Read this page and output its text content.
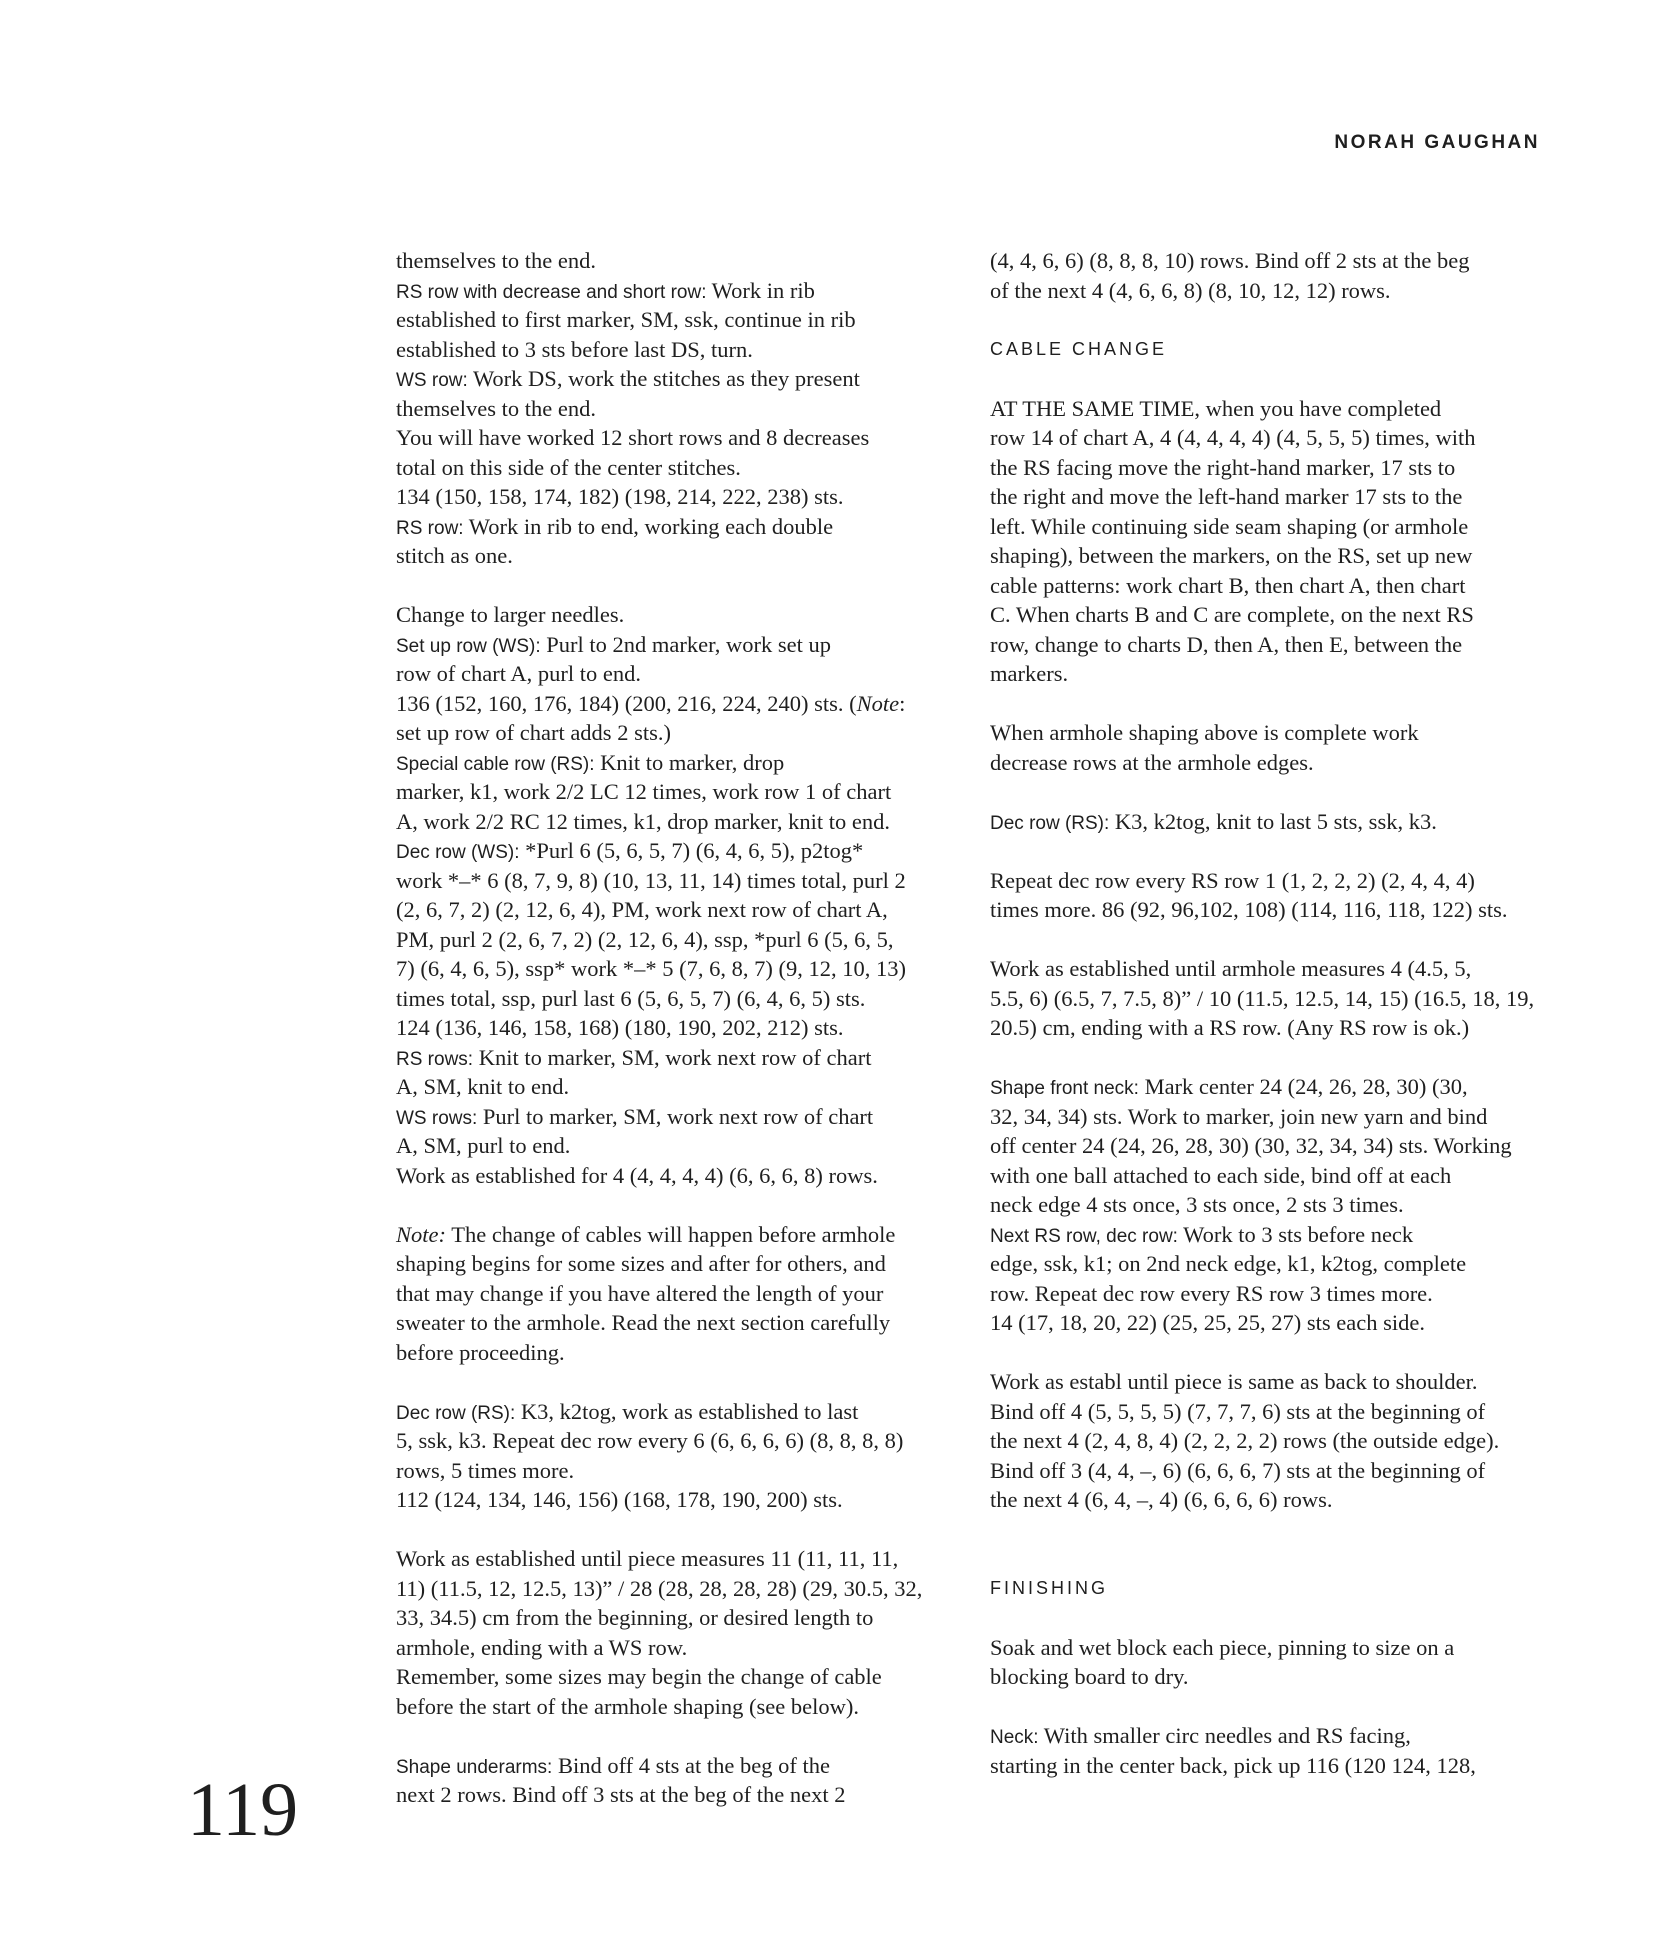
NORAH GAUGHAN
themselves to the end.
RS row with decrease and short row: Work in rib
established to first marker, SM, ssk, continue in rib
established to 3 sts before last DS, turn.
WS row: Work DS, work the stitches as they present
themselves to the end.
You will have worked 12 short rows and 8 decreases
total on this side of the center stitches.
134 (150, 158, 174, 182) (198, 214, 222, 238) sts.
RS row: Work in rib to end, working each double
stitch as one.
Change to larger needles.
Set up row (WS): Purl to 2nd marker, work set up
row of chart A, purl to end.
136 (152, 160, 176, 184) (200, 216, 224, 240) sts. (Note:
set up row of chart adds 2 sts.)
Special cable row (RS): Knit to marker, drop
marker, k1, work 2/2 LC 12 times, work row 1 of chart
A, work 2/2 RC 12 times, k1, drop marker, knit to end.
Dec row (WS): *Purl 6 (5, 6, 5, 7) (6, 4, 6, 5), p2tog*
work *–* 6 (8, 7, 9, 8) (10, 13, 11, 14) times total, purl 2
(2, 6, 7, 2) (2, 12, 6, 4), PM, work next row of chart A,
PM, purl 2 (2, 6, 7, 2) (2, 12, 6, 4), ssp, *purl 6 (5, 6, 5,
7) (6, 4, 6, 5), ssp* work *–* 5 (7, 6, 8, 7) (9, 12, 10, 13)
times total, ssp, purl last 6 (5, 6, 5, 7) (6, 4, 6, 5) sts.
124 (136, 146, 158, 168) (180, 190, 202, 212) sts.
RS rows: Knit to marker, SM, work next row of chart
A, SM, knit to end.
WS rows: Purl to marker, SM, work next row of chart
A, SM, purl to end.
Work as established for 4 (4, 4, 4, 4) (6, 6, 6, 8) rows.
Note: The change of cables will happen before armhole
shaping begins for some sizes and after for others, and
that may change if you have altered the length of your
sweater to the armhole. Read the next section carefully
before proceeding.
Dec row (RS): K3, k2tog, work as established to last
5, ssk, k3. Repeat dec row every 6 (6, 6, 6, 6) (8, 8, 8, 8)
rows, 5 times more.
112 (124, 134, 146, 156) (168, 178, 190, 200) sts.
Work as established until piece measures 11 (11, 11, 11,
11) (11.5, 12, 12.5, 13)” / 28 (28, 28, 28, 28) (29, 30.5, 32,
33, 34.5) cm from the beginning, or desired length to
armhole, ending with a WS row.
Remember, some sizes may begin the change of cable
before the start of the armhole shaping (see below).
Shape underarms: Bind off 4 sts at the beg of the
next 2 rows. Bind off 3 sts at the beg of the next 2
(4, 4, 6, 6) (8, 8, 8, 10) rows. Bind off 2 sts at the beg
of the next 4 (4, 6, 6, 8) (8, 10, 12, 12) rows.
CABLE CHANGE
AT THE SAME TIME, when you have completed
row 14 of chart A, 4 (4, 4, 4, 4) (4, 5, 5, 5) times, with
the RS facing move the right-hand marker, 17 sts to
the right and move the left-hand marker 17 sts to the
left. While continuing side seam shaping (or armhole
shaping), between the markers, on the RS, set up new
cable patterns: work chart B, then chart A, then chart
C. When charts B and C are complete, on the next RS
row, change to charts D, then A, then E, between the
markers.
When armhole shaping above is complete work
decrease rows at the armhole edges.
Dec row (RS): K3, k2tog, knit to last 5 sts, ssk, k3.
Repeat dec row every RS row 1 (1, 2, 2, 2) (2, 4, 4, 4)
times more. 86 (92, 96,102, 108) (114, 116, 118, 122) sts.
Work as established until armhole measures 4 (4.5, 5,
5.5, 6) (6.5, 7, 7.5, 8)” / 10 (11.5, 12.5, 14, 15) (16.5, 18, 19,
20.5) cm, ending with a RS row. (Any RS row is ok.)
Shape front neck: Mark center 24 (24, 26, 28, 30) (30,
32, 34, 34) sts. Work to marker, join new yarn and bind
off center 24 (24, 26, 28, 30) (30, 32, 34, 34) sts. Working
with one ball attached to each side, bind off at each
neck edge 4 sts once, 3 sts once, 2 sts 3 times.
Next RS row, dec row: Work to 3 sts before neck
edge, ssk, k1; on 2nd neck edge, k1, k2tog, complete
row. Repeat dec row every RS row 3 times more.
14 (17, 18, 20, 22) (25, 25, 25, 27) sts each side.
Work as establ until piece is same as back to shoulder.
Bind off 4 (5, 5, 5, 5) (7, 7, 7, 6) sts at the beginning of
the next 4 (2, 4, 8, 4) (2, 2, 2, 2) rows (the outside edge).
Bind off 3 (4, 4, –, 6) (6, 6, 6, 7) sts at the beginning of
the next 4 (6, 4, –, 4) (6, 6, 6, 6) rows.
FINISHING
Soak and wet block each piece, pinning to size on a
blocking board to dry.
Neck: With smaller circ needles and RS facing,
starting in the center back, pick up 116 (120 124, 128,
119
